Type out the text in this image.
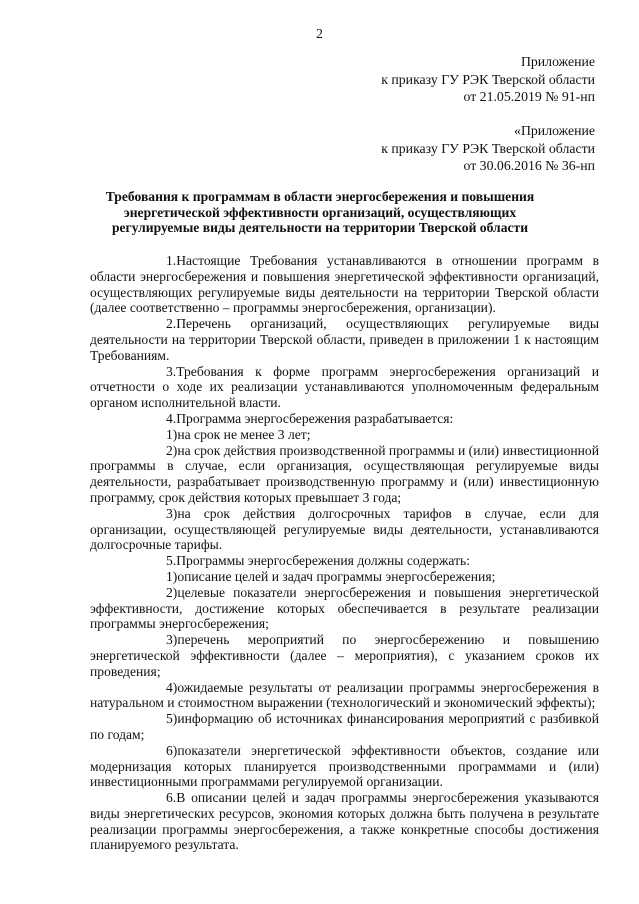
2
Приложение
к приказу ГУ РЭК Тверской области
от 21.05.2019 № 91-нп
«Приложение
к приказу ГУ РЭК Тверской области
от 30.06.2016 № 36-нп
Требования к программам в области энергосбережения и повышения энергетической эффективности организаций, осуществляющих регулируемые виды деятельности на территории Тверской области

1.Настоящие Требования устанавливаются в отношении программ в области энергосбережения и повышения энергетической эффективности организаций, осуществляющих регулируемые виды деятельности на территории Тверской области (далее соответственно – программы энергосбережения, организации).

2.Перечень организаций, осуществляющих регулируемые виды деятельности на территории Тверской области, приведен в приложении 1 к настоящим Требованиям.

3.Требования к форме программ энергосбережения организаций и отчетности о ходе их реализации устанавливаются уполномоченным федеральным органом исполнительной власти.

4.Программа энергосбережения разрабатывается:

1)на срок не менее 3 лет;

2)на срок действия производственной программы и (или) инвестиционной программы в случае, если организация, осуществляющая регулируемые виды деятельности, разрабатывает производственную программу и (или) инвестиционную программу, срок действия которых превышает 3 года;

3)на срок действия долгосрочных тарифов в случае, если для организации, осуществляющей регулируемые виды деятельности, устанавливаются долгосрочные тарифы.

5.Программы энергосбережения должны содержать:

1)описание целей и задач программы энергосбережения;

2)целевые показатели энергосбережения и повышения энергетической эффективности, достижение которых обеспечивается в результате реализации программы энергосбережения;

3)перечень мероприятий по энергосбережению и повышению энергетической эффективности (далее – мероприятия), с указанием сроков их проведения;

4)ожидаемые результаты от реализации программы энергосбережения в натуральном и стоимостном выражении (технологический и экономический эффекты);

5)информацию об источниках финансирования мероприятий с разбивкой по годам;

6)показатели энергетической эффективности объектов, создание или модернизация которых планируется производственными программами и (или) инвестиционными программами регулируемой организации.

6.В описании целей и задач программы энергосбережения указываются виды энергетических ресурсов, экономия которых должна быть получена в результате реализации программы энергосбережения, а также конкретные способы достижения планируемого результата.
